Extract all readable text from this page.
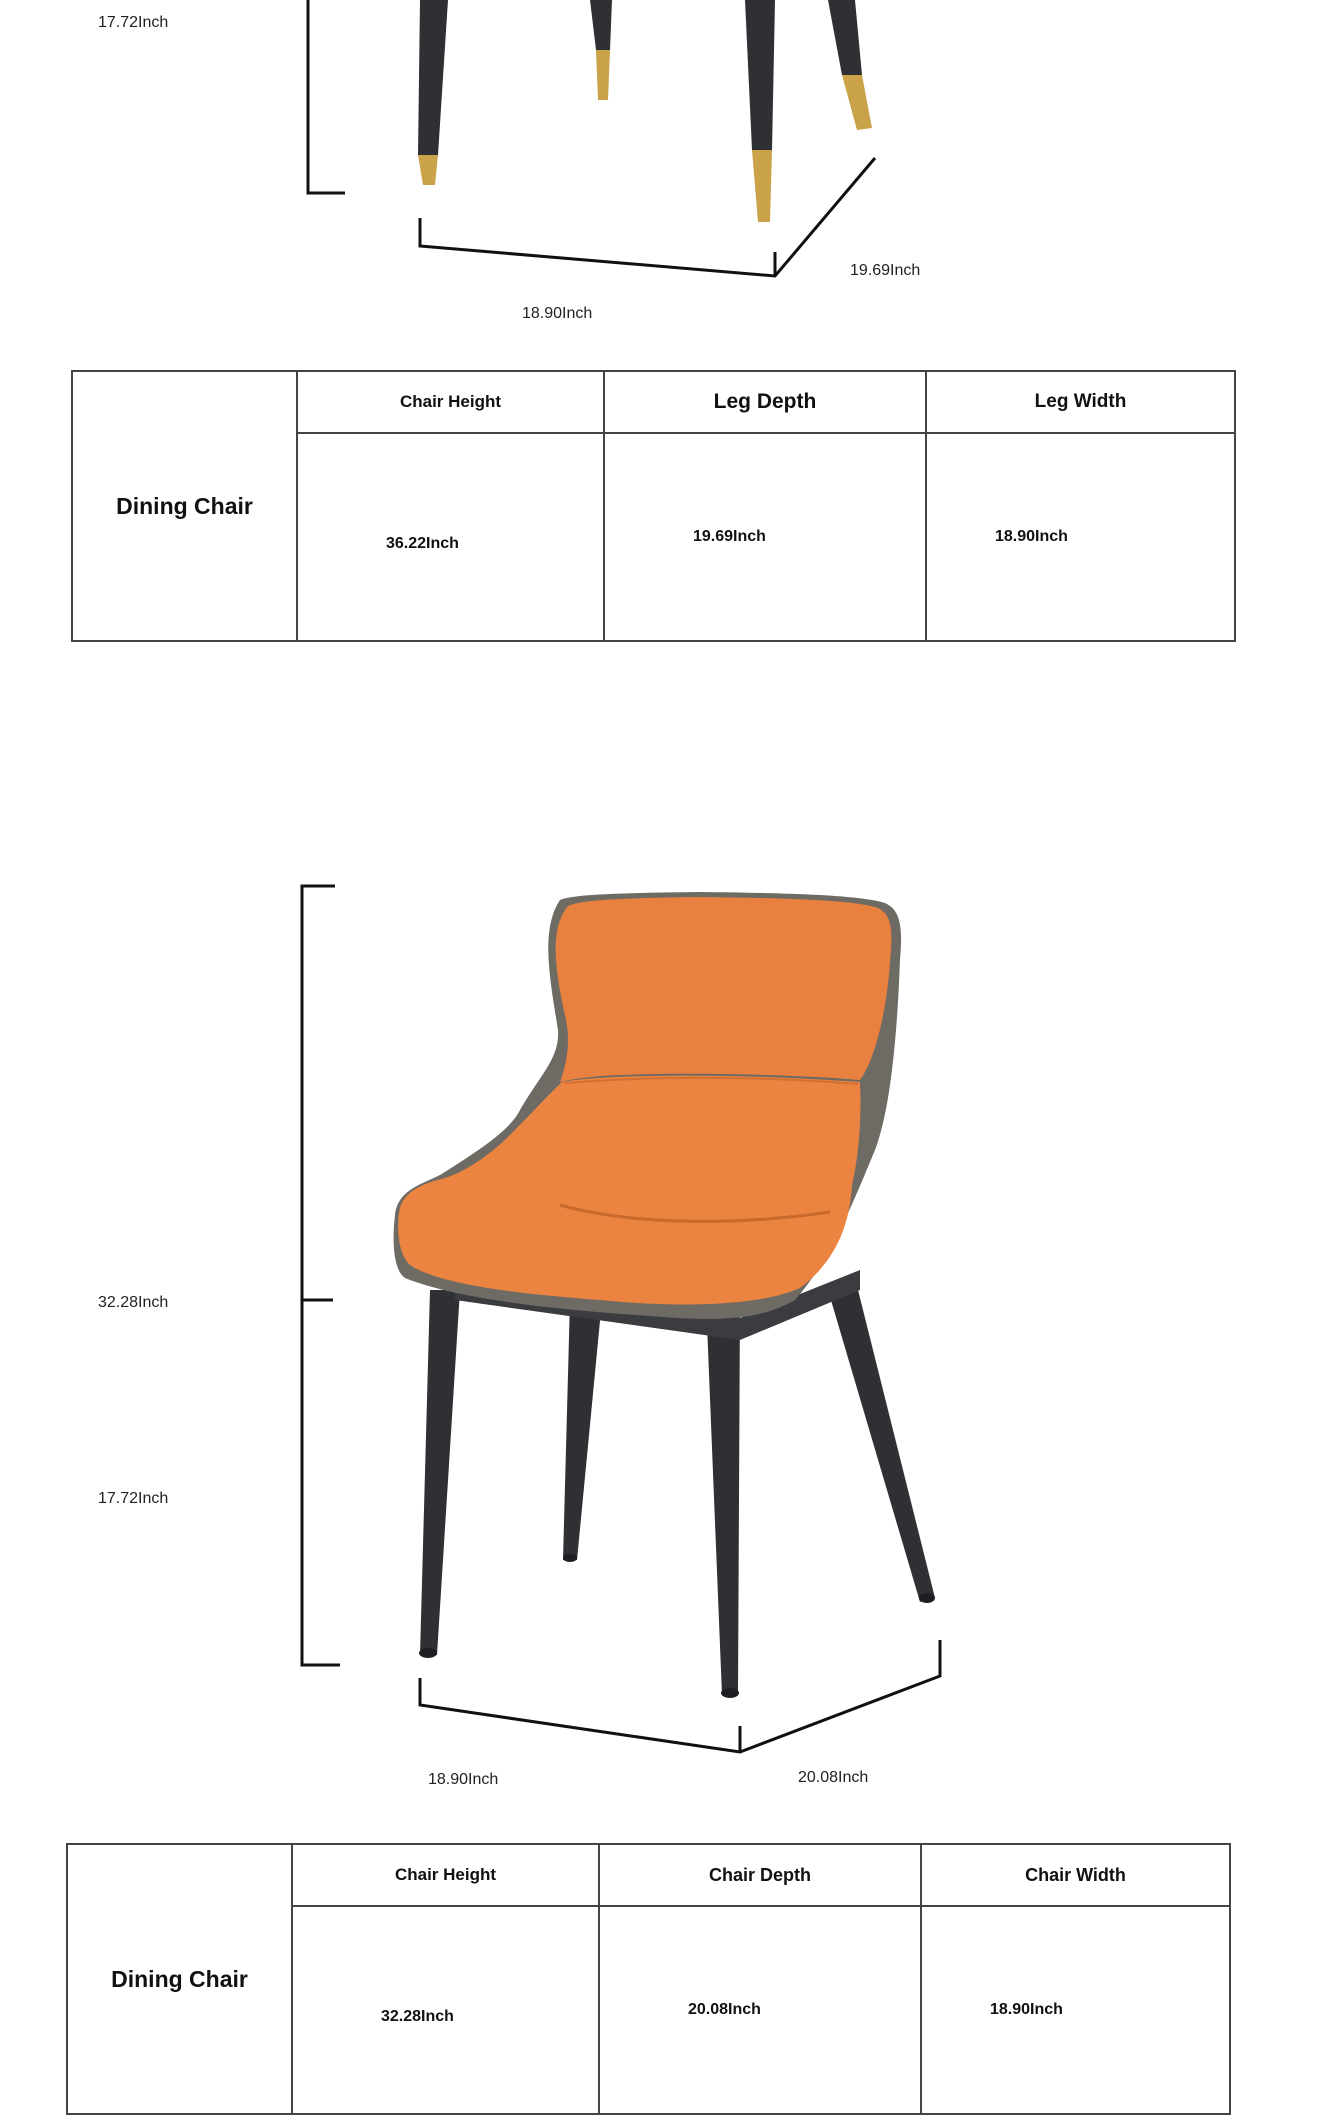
17.72Inch
19.69Inch
18.90Inch
Dining Chair	Chair Height	Leg Depth	Leg Width
	36.22Inch	19.69Inch	18.90Inch
32.28Inch
17.72Inch
18.90Inch	20.08Inch
Dining Chair	Chair Height	Chair Depth	Chair Width
	32.28Inch	20.08Inch	18.90Inch
